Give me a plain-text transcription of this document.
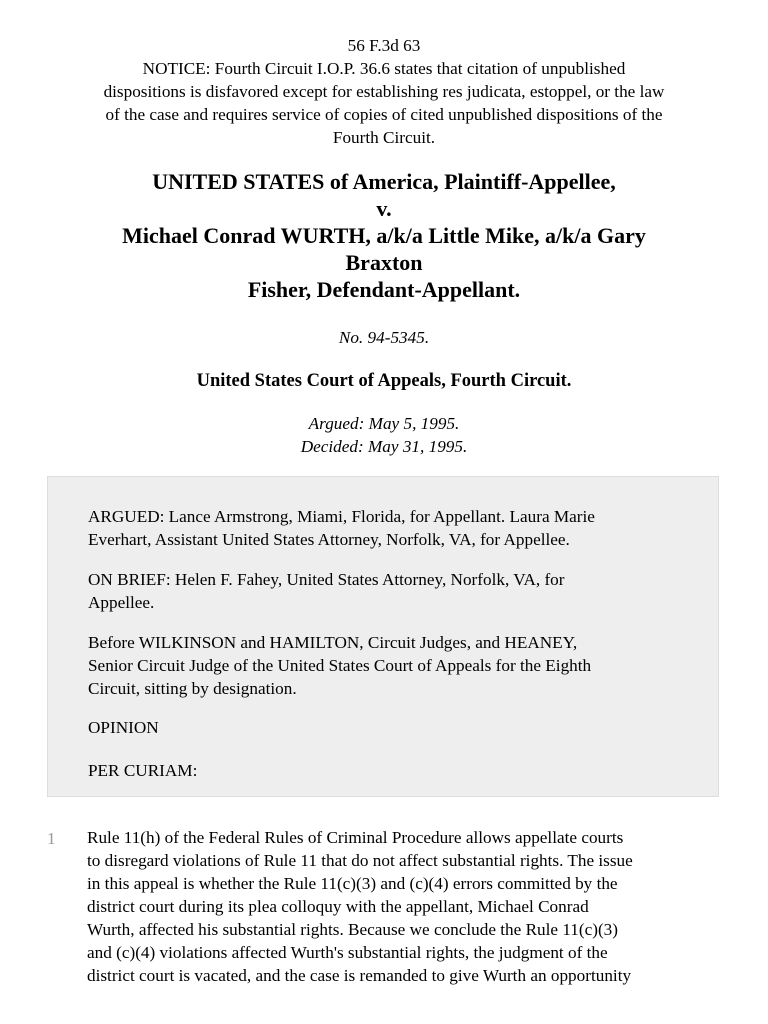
56 F.3d 63
NOTICE: Fourth Circuit I.O.P. 36.6 states that citation of unpublished
dispositions is disfavored except for establishing res judicata, estoppel, or the law
of the case and requires service of copies of cited unpublished dispositions of the
Fourth Circuit.
UNITED STATES of America, Plaintiff-Appellee,
v.
Michael Conrad WURTH, a/k/a Little Mike, a/k/a Gary
Braxton
Fisher, Defendant-Appellant.
No. 94-5345.
United States Court of Appeals, Fourth Circuit.
Argued: May 5, 1995.
Decided: May 31, 1995.

ARGUED: Lance Armstrong, Miami, Florida, for Appellant. Laura Marie
Everhart, Assistant United States Attorney, Norfolk, VA, for Appellee.

ON BRIEF: Helen F. Fahey, United States Attorney, Norfolk, VA, for
Appellee.

Before WILKINSON and HAMILTON, Circuit Judges, and HEANEY,
Senior Circuit Judge of the United States Court of Appeals for the Eighth
Circuit, sitting by designation.

OPINION

PER CURIAM:

1 Rule 11(h) of the Federal Rules of Criminal Procedure allows appellate courts
to disregard violations of Rule 11 that do not affect substantial rights. The issue
in this appeal is whether the Rule 11(c)(3) and (c)(4) errors committed by the
district court during its plea colloquy with the appellant, Michael Conrad
Wurth, affected his substantial rights. Because we conclude the Rule 11(c)(3)
and (c)(4) violations affected Wurth's substantial rights, the judgment of the
district court is vacated, and the case is remanded to give Wurth an opportunity
